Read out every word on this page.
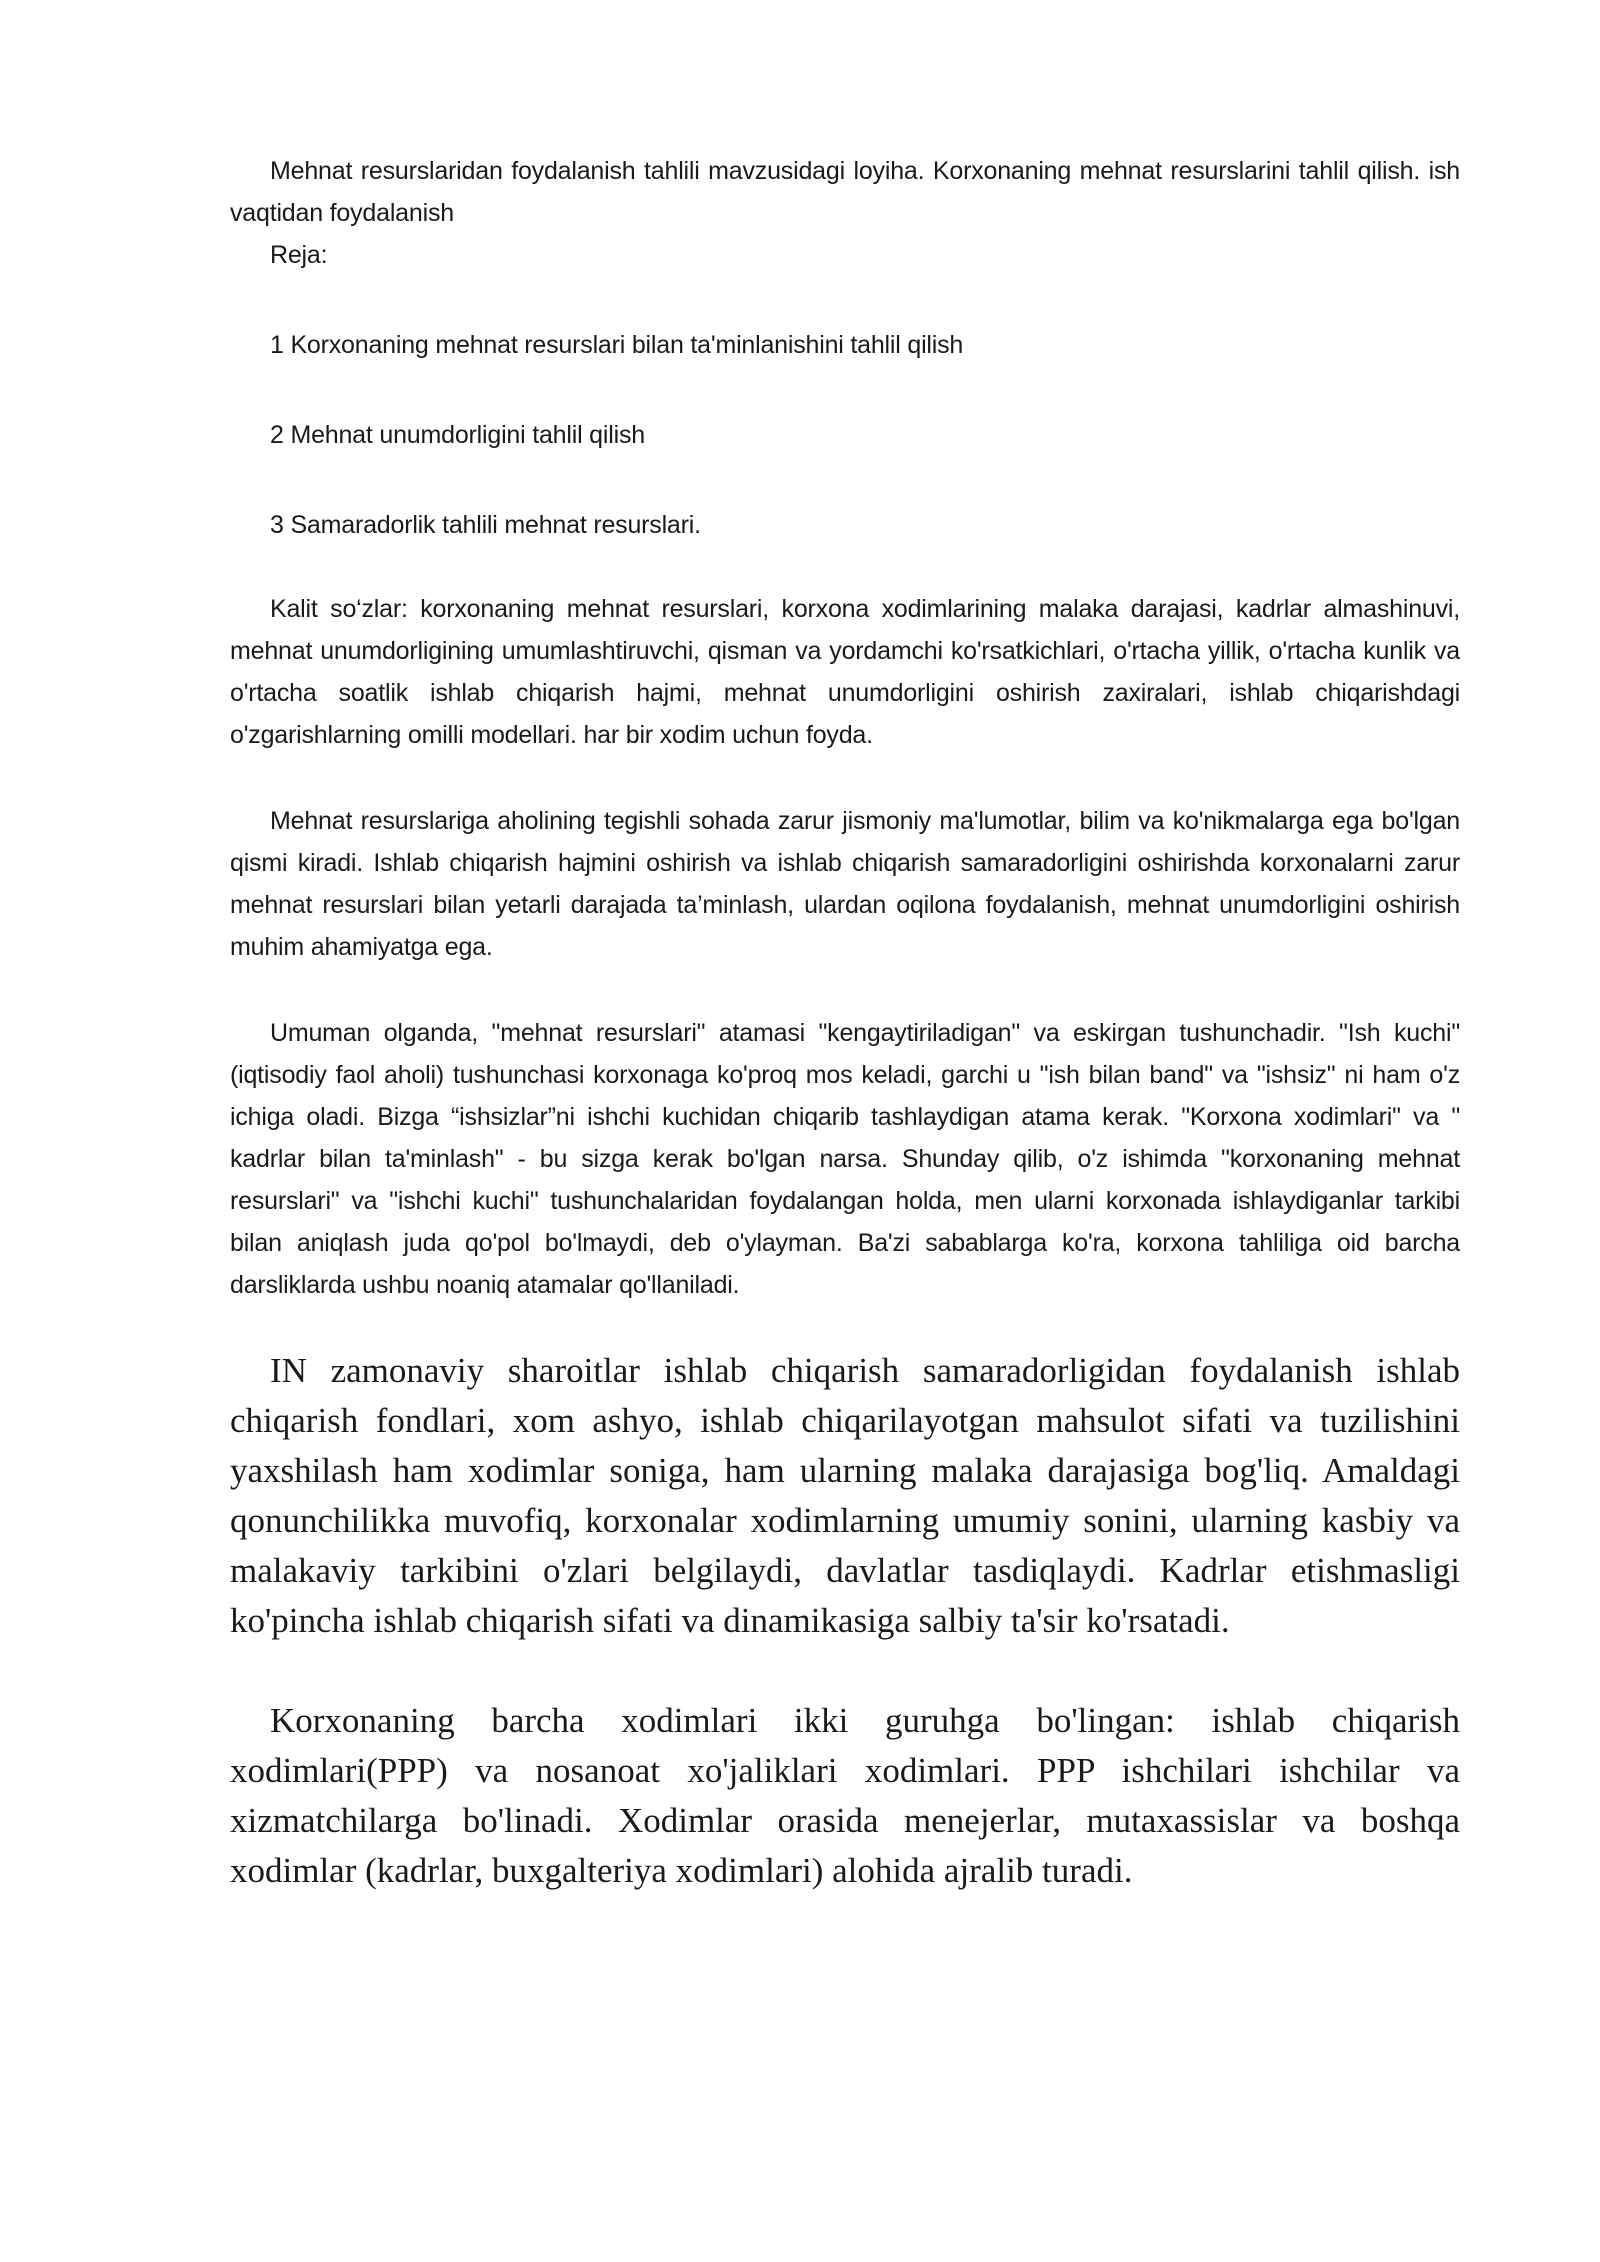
Mehnat resurslaridan foydalanish tahlili mavzusidagi loyiha. Korxonaning mehnat resurslarini tahlil qilish. ish vaqtidan foydalanish

Reja:

1 Korxonaning mehnat resurslari bilan ta'minlanishini tahlil qilish
2 Mehnat unumdorligini tahlil qilish
3 Samaradorlik tahlili mehnat resurslari.

Kalit so‘zlar: korxonaning mehnat resurslari, korxona xodimlarining malaka darajasi, kadrlar almashinuvi, mehnat unumdorligining umumlashtiruvchi, qisman va yordamchi ko'rsatkichlari, o'rtacha yillik, o'rtacha kunlik va o'rtacha soatlik ishlab chiqarish hajmi, mehnat unumdorligini oshirish zaxiralari, ishlab chiqarishdagi o'zgarishlarning omilli modellari. har bir xodim uchun foyda.

Mehnat resurslariga aholining tegishli sohada zarur jismoniy ma'lumotlar, bilim va ko'nikmalarga ega bo'lgan qismi kiradi. Ishlab chiqarish hajmini oshirish va ishlab chiqarish samaradorligini oshirishda korxonalarni zarur mehnat resurslari bilan yetarli darajada ta’minlash, ulardan oqilona foydalanish, mehnat unumdorligini oshirish muhim ahamiyatga ega.

Umuman olganda, "mehnat resurslari" atamasi "kengaytiriladigan" va eskirgan tushunchadir. "Ish kuchi" (iqtisodiy faol aholi) tushunchasi korxonaga ko'proq mos keladi, garchi u "ish bilan band" va "ishsiz" ni ham o'z ichiga oladi. Bizga “ishsizlar”ni ishchi kuchidan chiqarib tashlaydigan atama kerak. "Korxona xodimlari" va " kadrlar bilan ta'minlash" - bu sizga kerak bo'lgan narsa. Shunday qilib, o'z ishimda "korxonaning mehnat resurslari" va "ishchi kuchi" tushunchalaridan foydalangan holda, men ularni korxonada ishlaydiganlar tarkibi bilan aniqlash juda qo'pol bo'lmaydi, deb o'ylayman. Ba'zi sabablarga ko'ra, korxona tahliliga oid barcha darsliklarda ushbu noaniq atamalar qo'llaniladi.

IN zamonaviy sharoitlar ishlab chiqarish samaradorligidan foydalanish ishlab chiqarish fondlari, xom ashyo, ishlab chiqarilayotgan mahsulot sifati va tuzilishini yaxshilash ham xodimlar soniga, ham ularning malaka darajasiga bog'liq. Amaldagi qonunchilikka muvofiq, korxonalar xodimlarning umumiy sonini, ularning kasbiy va malakaviy tarkibini o'zlari belgilaydi, davlatlar tasdiqlaydi. Kadrlar etishmasligi ko'pincha ishlab chiqarish sifati va dinamikasiga salbiy ta'sir ko'rsatadi.

Korxonaning barcha xodimlari ikki guruhga bo'lingan: ishlab chiqarish xodimlari(PPP) va nosanoat xo'jaliklari xodimlari. PPP ishchilari ishchilar va xizmatchilarga bo'linadi. Xodimlar orasida menejerlar, mutaxassislar va boshqa xodimlar (kadrlar, buxgalteriya xodimlari) alohida ajralib turadi.
